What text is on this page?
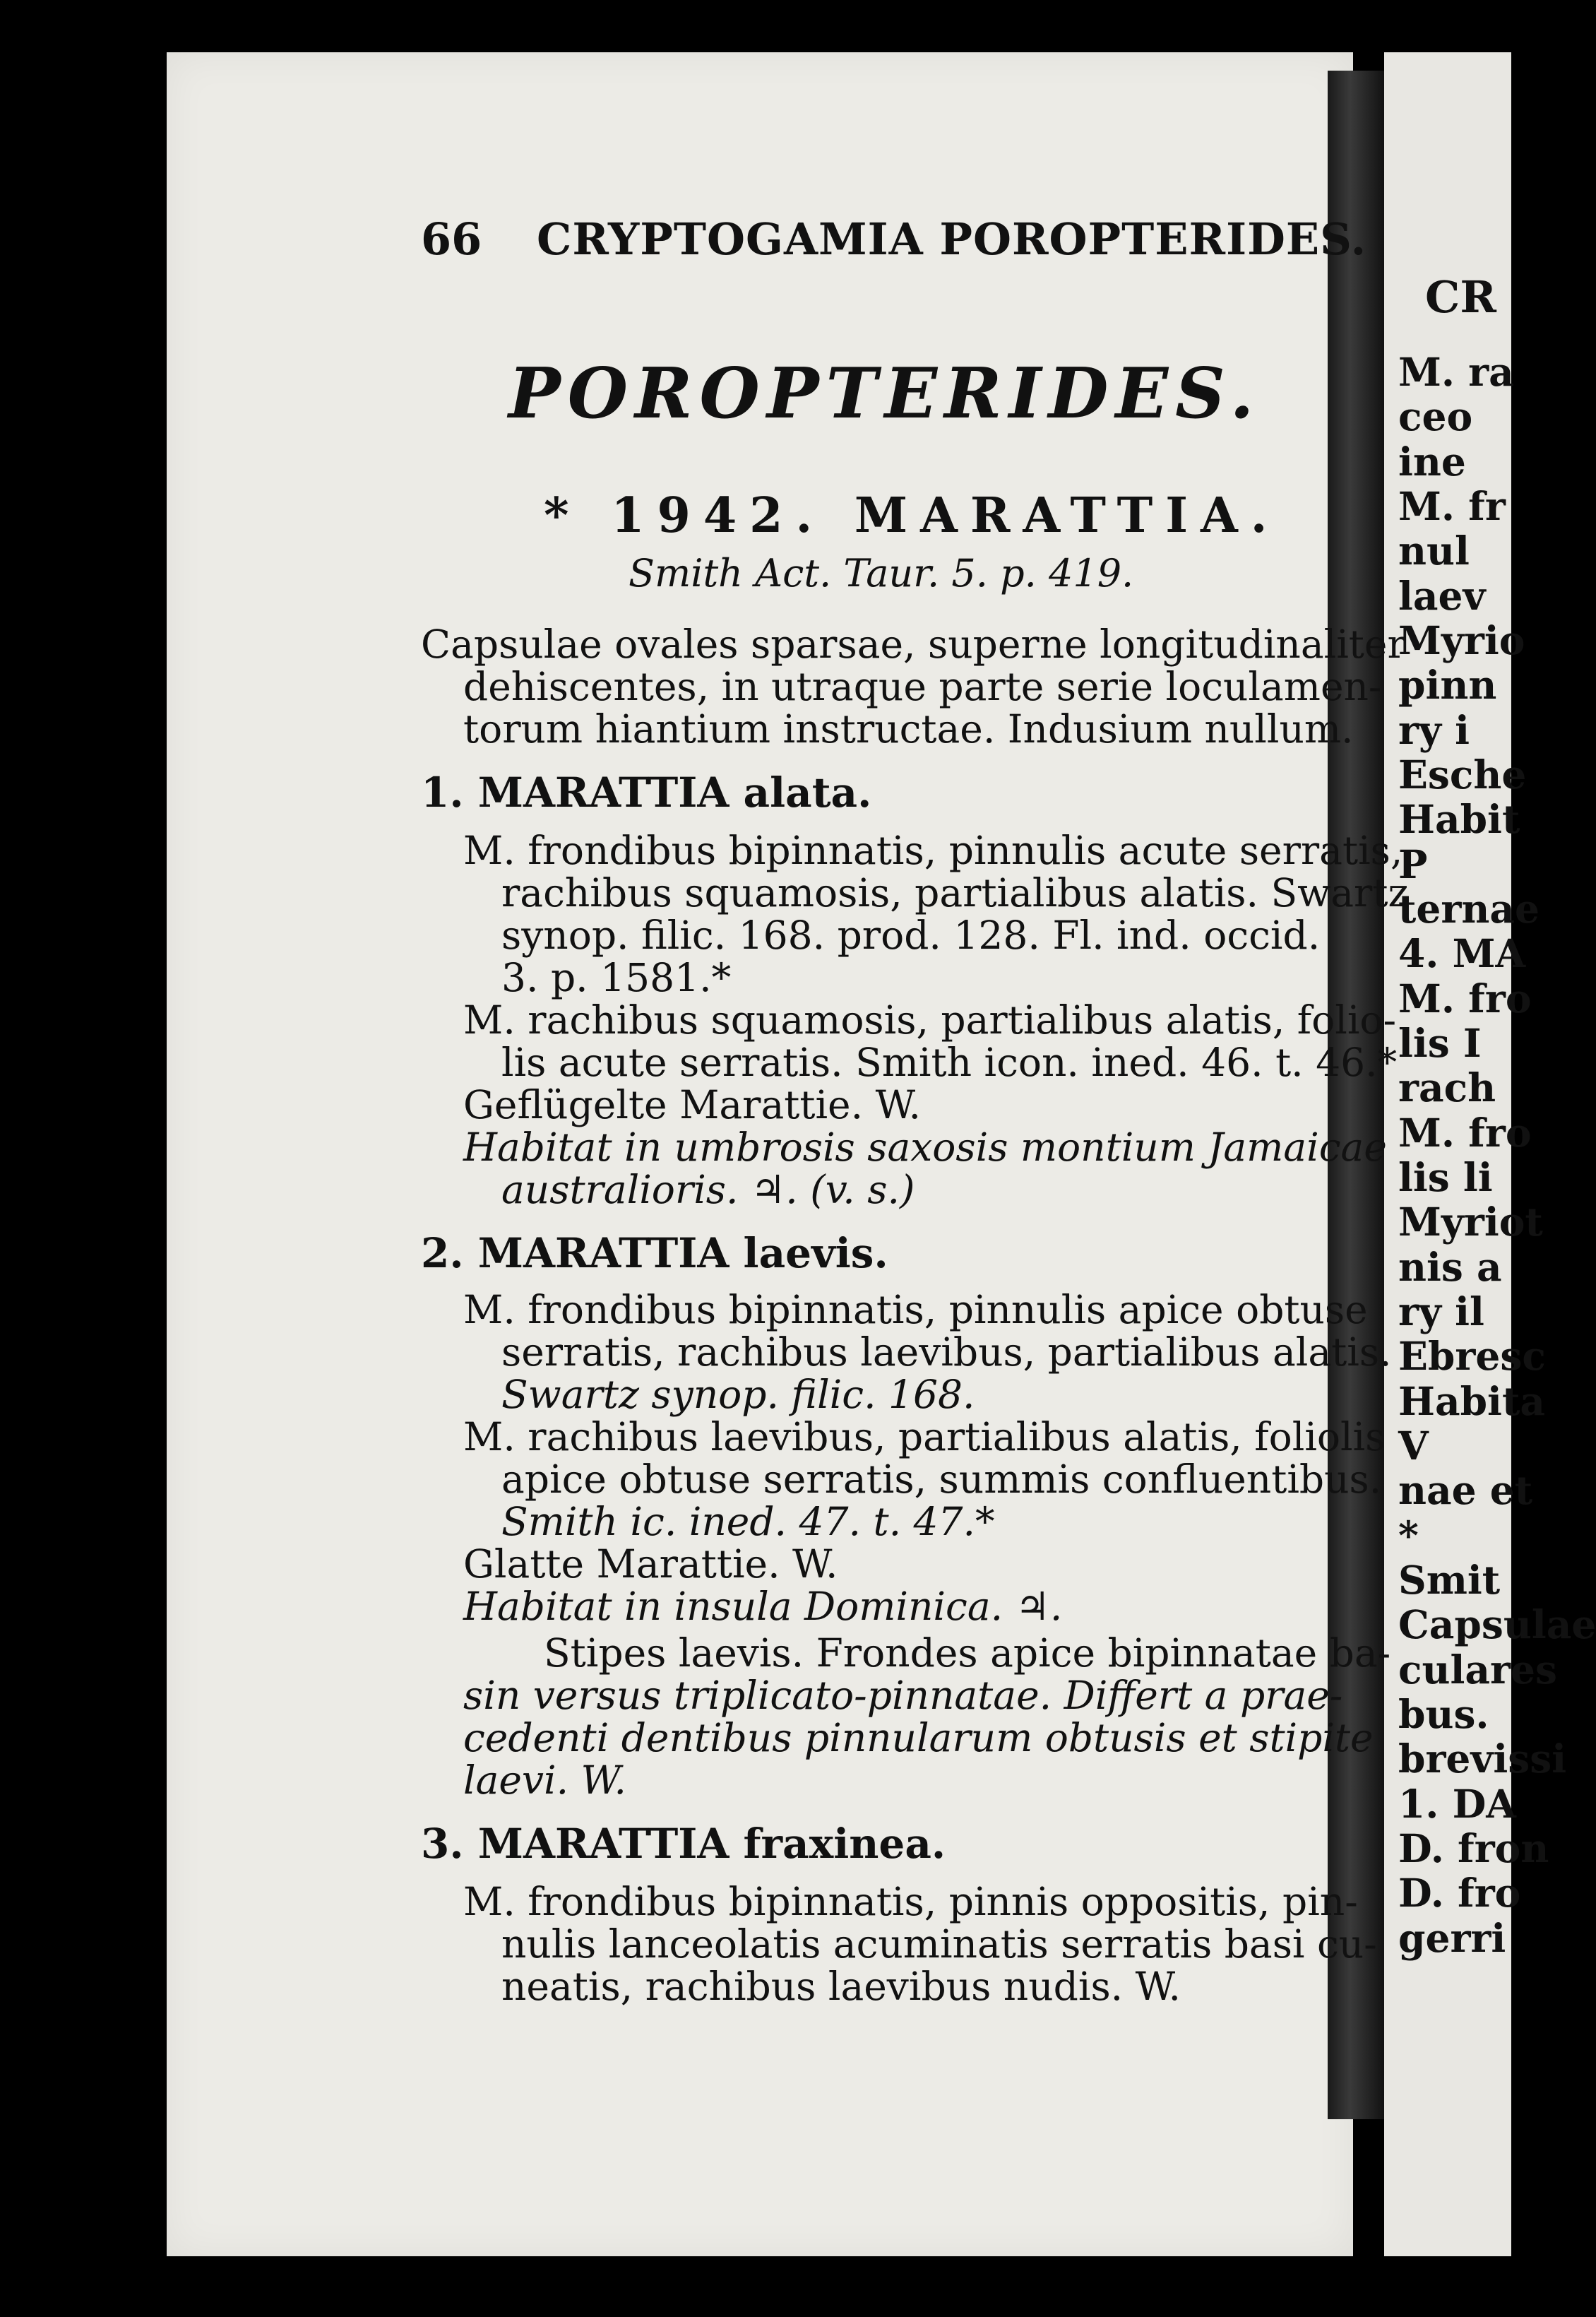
CR
M. ra
ceo
ine
M. fr
nul
laev
Myrio
pinn
ry i
Esche
Habit
P
ternae
4. MA
M. fro
lis I
rach
M. fro
lis li
Myriot
nis a
ry il
Ebresc
Habita
V
nae et
*
Smit
Capsulae
culares
bus.
brevissi
1. DA
D. fron
D. fro
gerri
66 CRYPTOGAMIA POROPTERIDES.
POROPTERIDES.
* 1942. MARATTIA.
Smith Act. Taur. 5. p. 419.
Capsulae ovales sparsae, superne longitudinaliter
dehiscentes, in utraque parte serie loculamen-
torum hiantium instructae. Indusium nullum.
1. MARATTIA alata.
M. frondibus bipinnatis, pinnulis acute serratis,
rachibus squamosis, partialibus alatis. Swartz
synop. filic. 168. prod. 128. Fl. ind. occid.
3. p. 1581.*
M. rachibus squamosis, partialibus alatis, folio-
lis acute serratis. Smith icon. ined. 46. t. 46.*
Geflügelte Marattie. W.
Habitat in umbrosis saxosis montium Jamaicae
australioris. ♃. (v. s.)
2. MARATTIA laevis.
M. frondibus bipinnatis, pinnulis apice obtuse
serratis, rachibus laevibus, partialibus alatis.
Swartz synop. filic. 168.
M. rachibus laevibus, partialibus alatis, foliolis
apice obtuse serratis, summis confluentibus.
Smith ic. ined. 47. t. 47.*
Glatte Marattie. W.
Habitat in insula Dominica. ♃.
Stipes laevis. Frondes apice bipinnatae ba-
sin versus triplicato-pinnatae. Differt a prae-
cedenti dentibus pinnularum obtusis et stipite
laevi. W.
3. MARATTIA fraxinea.
M. frondibus bipinnatis, pinnis oppositis, pin-
nulis lanceolatis acuminatis serratis basi cu-
neatis, rachibus laevibus nudis. W.
